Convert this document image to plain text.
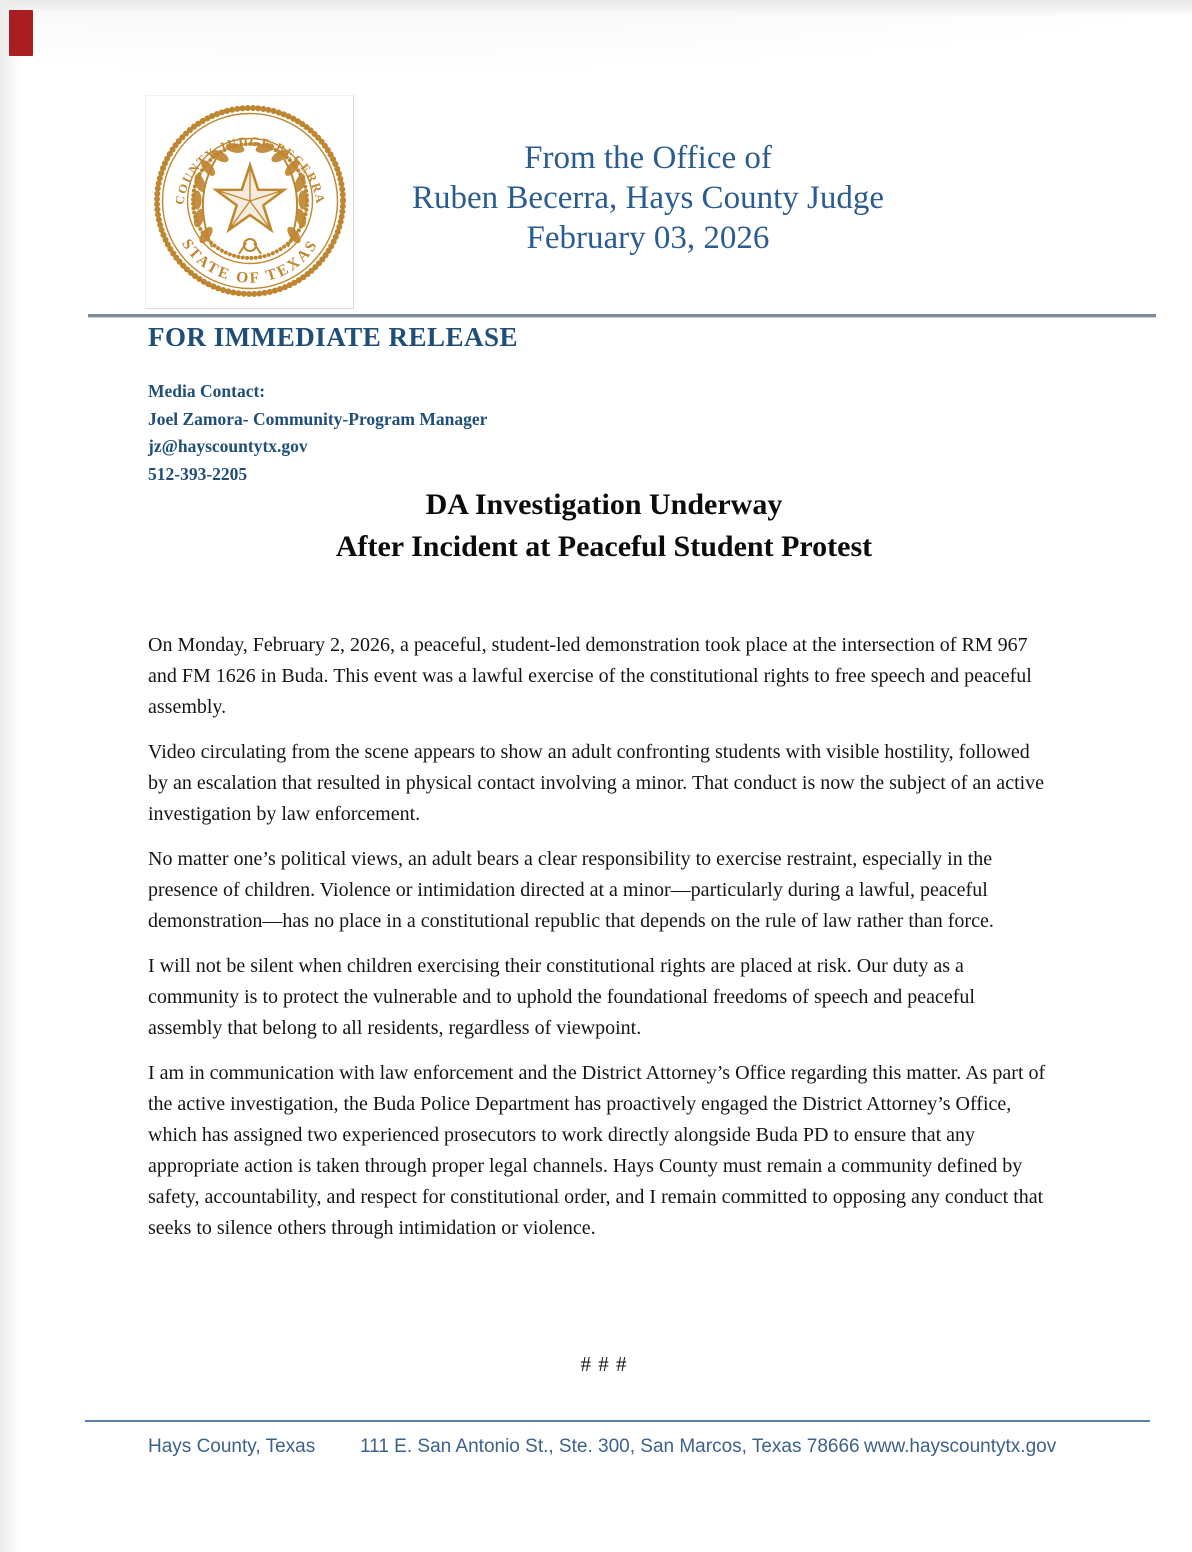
COUNTY JUDGE BECERRA
STATE OF TEXAS
From the Office of
Ruben Becerra, Hays County Judge
February 03, 2026
FOR IMMEDIATE RELEASE
Media Contact:
Joel Zamora- Community-Program Manager
jz@hayscountytx.gov
512-393-2205
DA Investigation Underway
After Incident at Peaceful Student Protest

On Monday, February 2, 2026, a peaceful, student-led demonstration took place at the intersection of RM 967 and FM 1626 in Buda. This event was a lawful exercise of the constitutional rights to free speech and peaceful assembly.

Video circulating from the scene appears to show an adult confronting students with visible hostility, followed by an escalation that resulted in physical contact involving a minor. That conduct is now the subject of an active investigation by law enforcement.

No matter one’s political views, an adult bears a clear responsibility to exercise restraint, especially in the presence of children. Violence or intimidation directed at a minor—particularly during a lawful, peaceful demonstration—has no place in a constitutional republic that depends on the rule of law rather than force.

I will not be silent when children exercising their constitutional rights are placed at risk. Our duty as a community is to protect the vulnerable and to uphold the foundational freedoms of speech and peaceful assembly that belong to all residents, regardless of viewpoint.

I am in communication with law enforcement and the District Attorney’s Office regarding this matter. As part of the active investigation, the Buda Police Department has proactively engaged the District Attorney’s Office, which has assigned two experienced prosecutors to work directly alongside Buda PD to ensure that any appropriate action is taken through proper legal channels. Hays County must remain a community defined by safety, accountability, and respect for constitutional order, and I remain committed to opposing any conduct that seeks to silence others through intimidation or violence.

# # #
Hays County, Texas 111 E. San Antonio St., Ste. 300, San Marcos, Texas 78666 www.hayscountytx.gov
